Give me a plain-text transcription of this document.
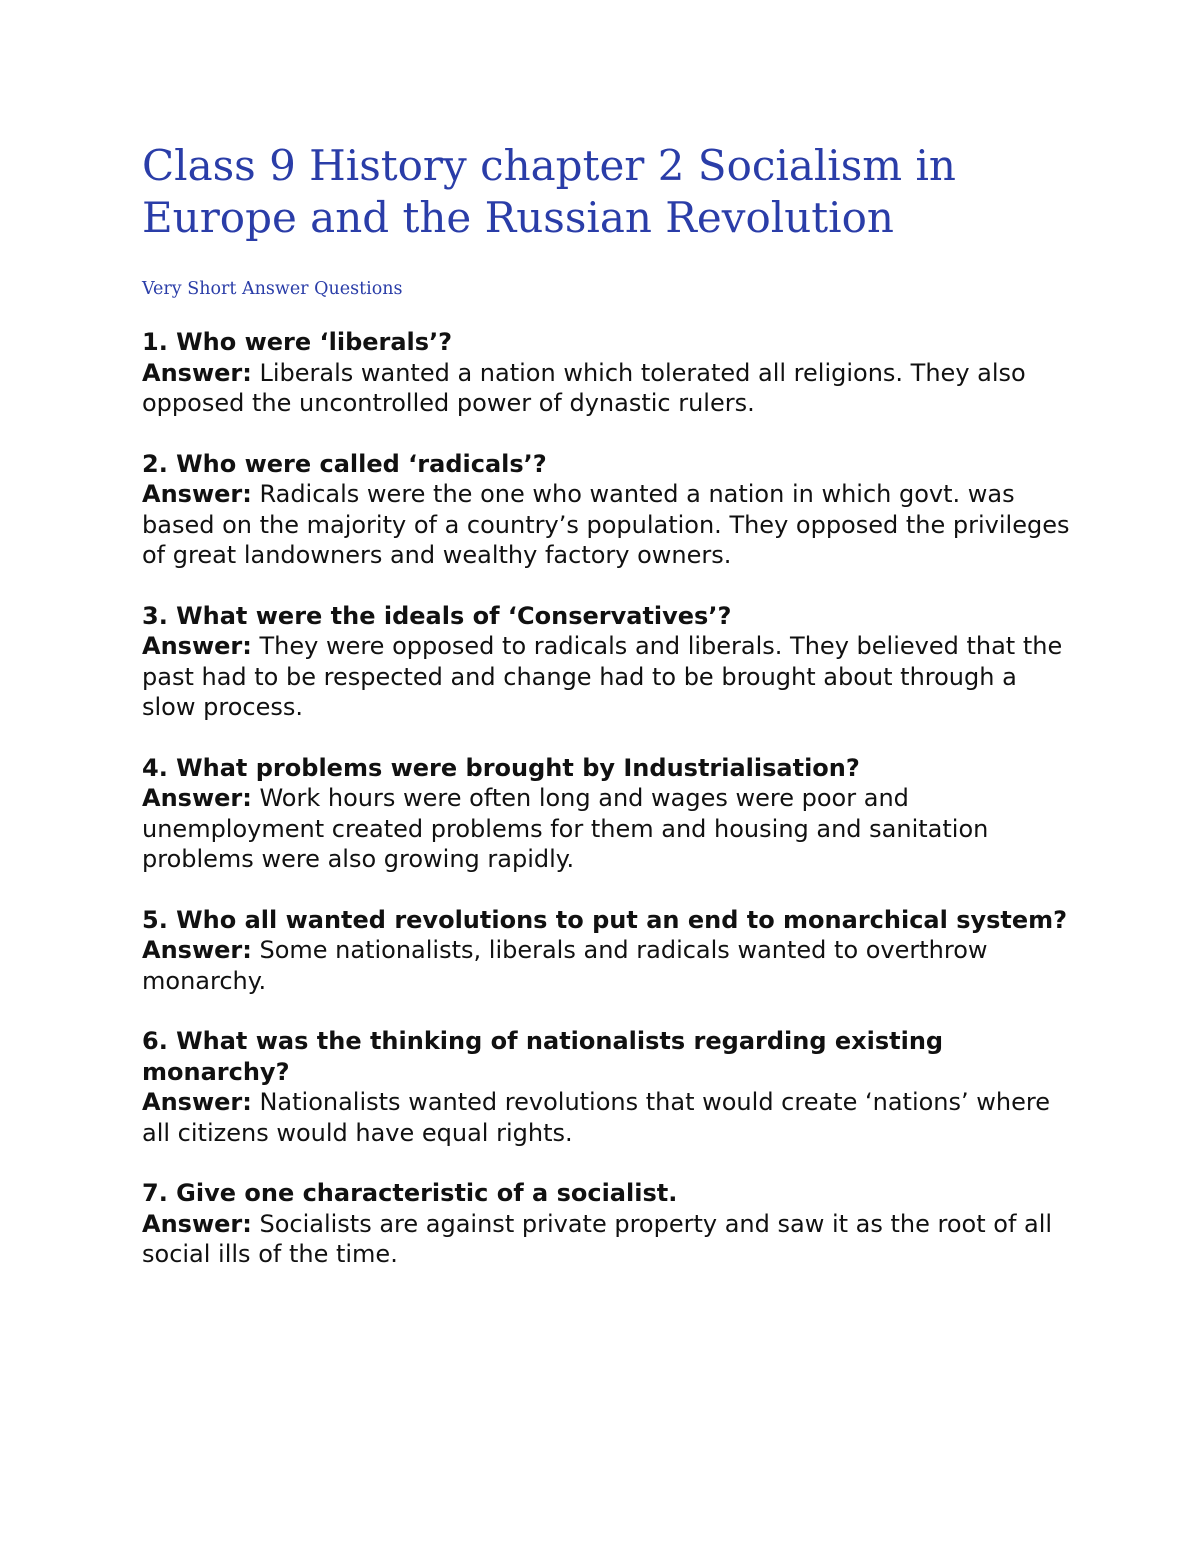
Class 9 History chapter 2 Socialism in Europe and the Russian Revolution

Very Short Answer Questions

1. Who were ‘liberals’?
Answer: Liberals wanted a nation which tolerated all religions. They also opposed the uncontrolled power of dynastic rulers.
2. Who were called ‘radicals’?
Answer: Radicals were the one who wanted a nation in which govt. was based on the majority of a country’s population. They opposed the privileges of great landowners and wealthy factory owners.
3. What were the ideals of ‘Conservatives’?
Answer: They were opposed to radicals and liberals. They believed that the past had to be respected and change had to be brought about through a slow process.
4. What problems were brought by Industrialisation?
Answer: Work hours were often long and wages were poor and unemployment created problems for them and housing and sanitation problems were also growing rapidly.
5. Who all wanted revolutions to put an end to monarchical system?
Answer: Some nationalists, liberals and radicals wanted to overthrow monarchy.
6. What was the thinking of nationalists regarding existing monarchy?
Answer: Nationalists wanted revolutions that would create ‘nations’ where all citizens would have equal rights.
7. Give one characteristic of a socialist.
Answer: Socialists are against private property and saw it as the root of all social ills of the time.
